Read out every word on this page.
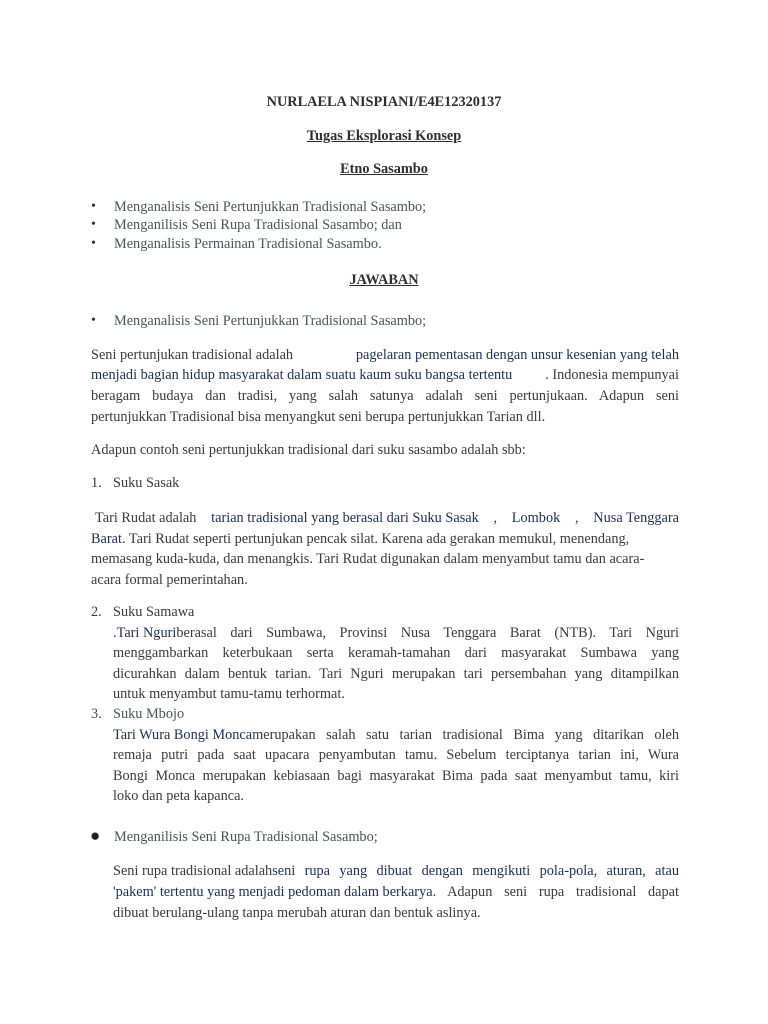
NURLAELA NISPIANI/E4E12320137
Tugas Eksplorasi Konsep
Etno Sasambo
• Menganalisis Seni Pertunjukkan Tradisional Sasambo;
• Menganilisis Seni Rupa Tradisional Sasambo; dan
• Menganalisis Permainan Tradisional Sasambo.
JAWABAN
• Menganalisis Seni Pertunjukkan Tradisional Sasambo;
Seni pertunjukan tradisional adalah	pagelaran pementasan dengan unsur kesenian yang telah
menjadi bagian hidup masyarakat dalam suatu kaum suku bangsa tertentu . Indonesia mempunyai
beragam budaya dan tradisi, yang salah satunya adalah seni pertunjukaan. Adapun seni
pertunjukkan Tradisional bisa menyangkut seni berupa pertunjukkan Tarian dll.
Adapun contoh seni pertunjukkan tradisional dari suku sasambo adalah sbb:
1. Suku Sasak
Tari Rudat adalah tarian tradisional yang berasal dari Suku Sasak , Lombok , Nusa Tenggara
Barat. Tari Rudat seperti pertunjukan pencak silat. Karena ada gerakan memukul, menendang,
memasang kuda-kuda, dan menangkis. Tari Rudat digunakan dalam menyambut tamu dan acara-
acara formal pemerintahan.
2. Suku Samawa
. Tari Nguri berasal dari Sumbawa, Provinsi Nusa Tenggara Barat (NTB). Tari Nguri
menggambarkan keterbukaan serta keramah-tamahan dari masyarakat Sumbawa yang
dicurahkan dalam bentuk tarian. Tari Nguri merupakan tari persembahan yang ditampilkan
untuk menyambut tamu-tamu terhormat.
3. Suku Mbojo
Tari Wura Bongi Monca merupakan salah satu tarian tradisional Bima yang ditarikan oleh
remaja putri pada saat upacara penyambutan tamu. Sebelum terciptanya tarian ini, Wura
Bongi Monca merupakan kebiasaan bagi masyarakat Bima pada saat menyambut tamu, kiri
loko dan peta kapanca.
● Menganilisis Seni Rupa Tradisional Sasambo;
Seni rupa tradisional adalah seni rupa yang dibuat dengan mengikuti pola-pola, aturan, atau
'pakem' tertentu yang menjadi pedoman dalam berkarya . Adapun seni rupa tradisional dapat
dibuat berulang-ulang tanpa merubah aturan dan bentuk aslinya.
